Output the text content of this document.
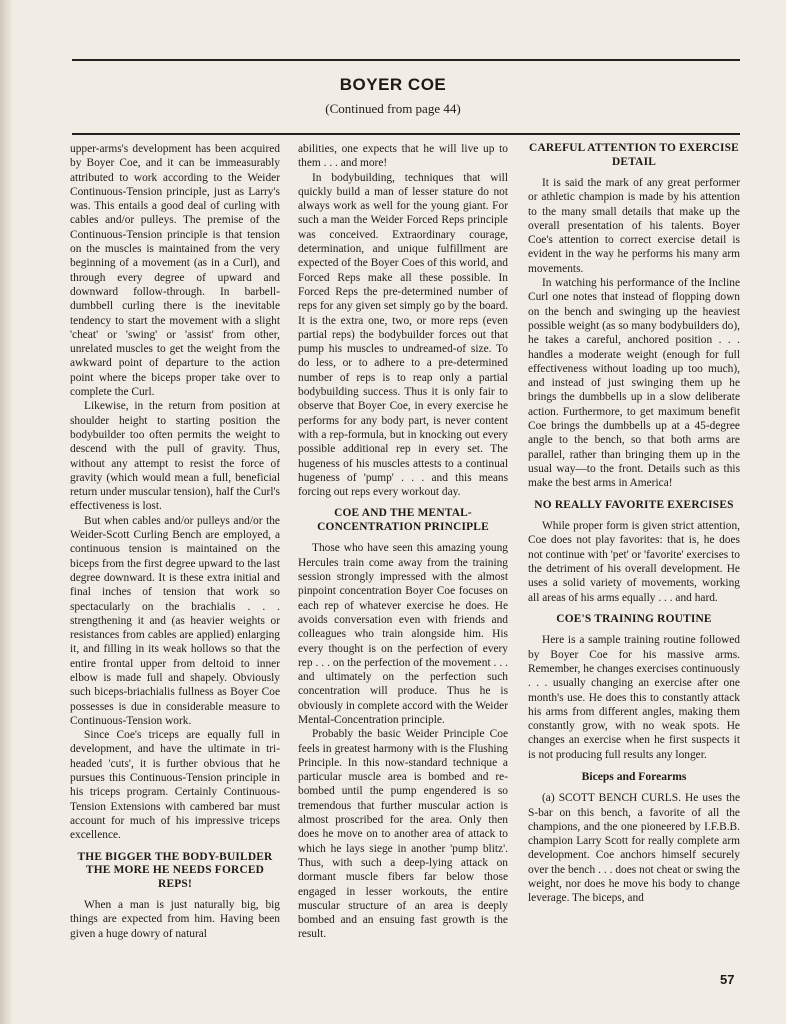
BOYER COE
(Continued from page 44)

upper-arms's development has been acquired by Boyer Coe, and it can be immeasurably attributed to work according to the Weider Continuous-Tension principle, just as Larry's was. This entails a good deal of curling with cables and/or pulleys. The premise of the Continuous-Tension principle is that tension on the muscles is maintained from the very beginning of a movement (as in a Curl), and through every degree of upward and downward follow-through. In barbell-dumbbell curling there is the inevitable tendency to start the movement with a slight 'cheat' or 'swing' or 'assist' from other, unrelated muscles to get the weight from the awkward point of departure to the action point where the biceps proper take over to complete the Curl.

Likewise, in the return from position at shoulder height to starting position the bodybuilder too often permits the weight to descend with the pull of gravity. Thus, without any attempt to resist the force of gravity (which would mean a full, beneficial return under muscular tension), half the Curl's effectiveness is lost.

But when cables and/or pulleys and/or the Weider-Scott Curling Bench are employed, a continuous tension is maintained on the biceps from the first degree upward to the last degree downward. It is these extra initial and final inches of tension that work so spectacularly on the brachialis . . . strengthening it and (as heavier weights or resistances from cables are applied) enlarging it, and filling in its weak hollows so that the entire frontal upper from deltoid to inner elbow is made full and shapely. Obviously such biceps-briachialis fullness as Boyer Coe possesses is due in considerable measure to Continuous-Tension work.

Since Coe's triceps are equally full in development, and have the ultimate in tri-headed 'cuts', it is further obvious that he pursues this Continuous-Tension principle in his triceps program. Certainly Continuous-Tension Extensions with cambered bar must account for much of his impressive triceps excellence.

THE BIGGER THE BODY-BUILDER THE MORE HE NEEDS FORCED REPS!

When a man is just naturally big, big things are expected from him. Having been given a huge dowry of natural

abilities, one expects that he will live up to them . . . and more!

In bodybuilding, techniques that will quickly build a man of lesser stature do not always work as well for the young giant. For such a man the Weider Forced Reps principle was conceived. Extraordinary courage, determination, and unique fulfillment are expected of the Boyer Coes of this world, and Forced Reps make all these possible. In Forced Reps the pre-determined number of reps for any given set simply go by the board. It is the extra one, two, or more reps (even partial reps) the bodybuilder forces out that pump his muscles to undreamed-of size. To do less, or to adhere to a pre-determined number of reps is to reap only a partial bodybuilding success. Thus it is only fair to observe that Boyer Coe, in every exercise he performs for any body part, is never content with a rep-formula, but in knocking out every possible additional rep in every set. The hugeness of his muscles attests to a continual hugeness of 'pump' . . . and this means forcing out reps every workout day.

COE AND THE MENTAL-CONCENTRATION PRINCIPLE

Those who have seen this amazing young Hercules train come away from the training session strongly impressed with the almost pinpoint concentration Boyer Coe focuses on each rep of whatever exercise he does. He avoids conversation even with friends and colleagues who train alongside him. His every thought is on the perfection of every rep . . . on the perfection of the movement . . . and ultimately on the perfection such concentration will produce. Thus he is obviously in complete accord with the Weider Mental-Concentration principle.

Probably the basic Weider Principle Coe feels in greatest harmony with is the Flushing Principle. In this now-standard technique a particular muscle area is bombed and re-bombed until the pump engendered is so tremendous that further muscular action is almost proscribed for the area. Only then does he move on to another area of attack to which he lays siege in another 'pump blitz'. Thus, with such a deep-lying attack on dormant muscle fibers far below those engaged in lesser workouts, the entire muscular structure of an area is deeply bombed and an ensuing fast growth is the result.

CAREFUL ATTENTION TO EXERCISE DETAIL

It is said the mark of any great performer or athletic champion is made by his attention to the many small details that make up the overall presentation of his talents. Boyer Coe's attention to correct exercise detail is evident in the way he performs his many arm movements.

In watching his performance of the Incline Curl one notes that instead of flopping down on the bench and swinging up the heaviest possible weight (as so many bodybuilders do), he takes a careful, anchored position . . . handles a moderate weight (enough for full effectiveness without loading up too much), and instead of just swinging them up he brings the dumbbells up in a slow deliberate action. Furthermore, to get maximum benefit Coe brings the dumbbells up at a 45-degree angle to the bench, so that both arms are parallel, rather than bringing them up in the usual way—to the front. Details such as this make the best arms in America!

NO REALLY FAVORITE EXERCISES

While proper form is given strict attention, Coe does not play favorites: that is, he does not continue with 'pet' or 'favorite' exercises to the detriment of his overall development. He uses a solid variety of movements, working all areas of his arms equally . . . and hard.

COE'S TRAINING ROUTINE

Here is a sample training routine followed by Boyer Coe for his massive arms. Remember, he changes exercises continuously . . . usually changing an exercise after one month's use. He does this to constantly attack his arms from different angles, making them constantly grow, with no weak spots. He changes an exercise when he first suspects it is not producing full results any longer.

Biceps and Forearms

(a) SCOTT BENCH CURLS. He uses the S-bar on this bench, a favorite of all the champions, and the one pioneered by I.F.B.B. champion Larry Scott for really complete arm development. Coe anchors himself securely over the bench . . . does not cheat or swing the weight, nor does he move his body to change leverage. The biceps, and

57
